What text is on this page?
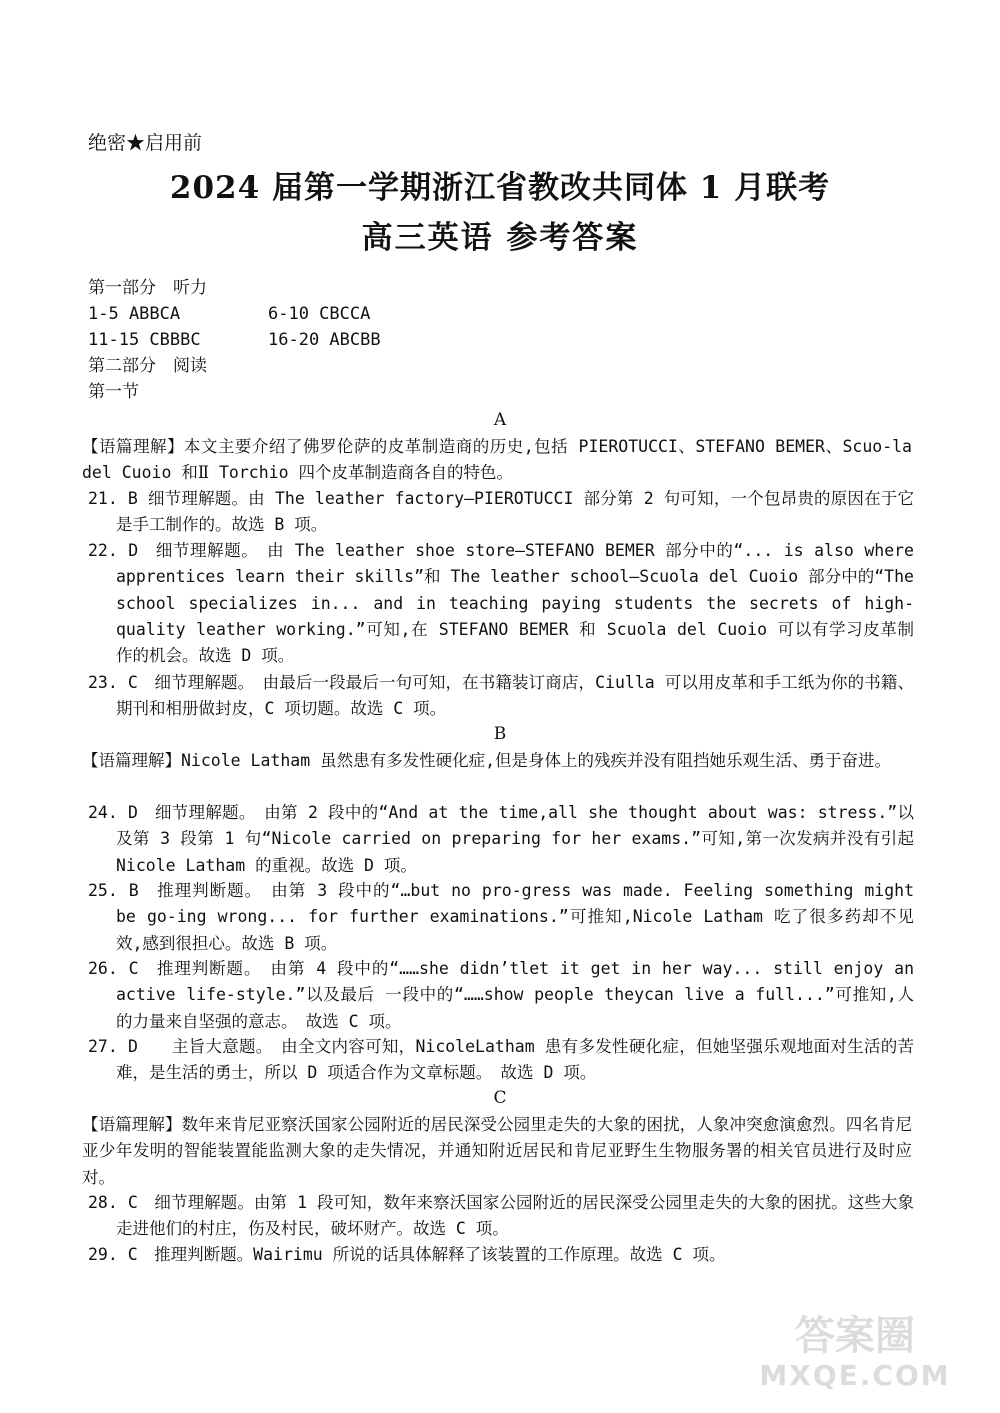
绝密★启用前
2024 届第一学期浙江省教改共同体 1 月联考
高三英语 参考答案
第一部分　听力
1-5 ABBCA	6-10 CBCCA
11-15 CBBBC	16-20 ABCBB
第二部分　阅读
第一节
A
【语篇理解】本文主要介绍了佛罗伦萨的皮革制造商的历史,包括 PIEROTUCCI、STEFANO BEMER、Scuo-la del Cuoio 和Ⅱ Torchio 四个皮革制造商各自的特色。
21. B 细节理解题。由 The leather factory—PIEROTUCCI 部分第 2 句可知，一个包昂贵的原因在于它是手工制作的。故选 B 项。
22. D　细节理解题。　由 The leather shoe store—STEFANO BEMER 部分中的“... is also where apprentices learn their skills”和 The leather school—Scuola del Cuoio 部分中的“The school specializes in... and in teaching paying students the secrets of high-quality leather working.”可知,在 STEFANO BEMER 和 Scuola del Cuoio 可以有学习皮革制作的机会。故选 D 项。
23. C　细节理解题。　由最后一段最后一句可知，在书籍装订商店，Ciulla 可以用皮革和手工纸为你的书籍、期刊和相册做封皮，C 项切题。故选 C 项。
B
【语篇理解】Nicole Latham 虽然患有多发性硬化症,但是身体上的残疾并没有阻挡她乐观生活、勇于奋进。
24. D　细节理解题。　由第 2 段中的“And at the time,all she thought about was: stress.”以及第 3 段第 1 句“Nicole carried on preparing for her exams.”可知,第一次发病并没有引起 Nicole Latham 的重视。故选 D 项。
25. B　推理判断题。　由第 3 段中的“…but no pro-gress was made. Feeling something might be go-ing wrong... for further examinations.”可推知,Nicole Latham 吃了很多药却不见效,感到很担心。故选 B 项。
26. C　推理判断题。　由第 4 段中的“……she didn’tlet it get in her way... still enjoy an active life-style.”以及最后 一段中的“……show people theycan live a full...”可推知,人的力量来自坚强的意志。　故选 C 项。
27. D　　主旨大意题。　由全文内容可知，NicoleLatham 患有多发性硬化症，但她坚强乐观地面对生活的苦难，是生活的勇士，所以 D 项适合作为文章标题。　故选 D 项。
C
【语篇理解】数年来肯尼亚察沃国家公园附近的居民深受公园里走失的大象的困扰，人象冲突愈演愈烈。四名肯尼亚少年发明的智能装置能监测大象的走失情况，并通知附近居民和肯尼亚野生生物服务署的相关官员进行及时应对。
28. C　细节理解题。由第 1 段可知，数年来察沃国家公园附近的居民深受公园里走失的大象的困扰。这些大象走进他们的村庄，伤及村民，破坏财产。故选 C 项。
29. C　推理判断题。Wairimu 所说的话具体解释了该装置的工作原理。故选 C 项。
答案圈
MXQE.COM
